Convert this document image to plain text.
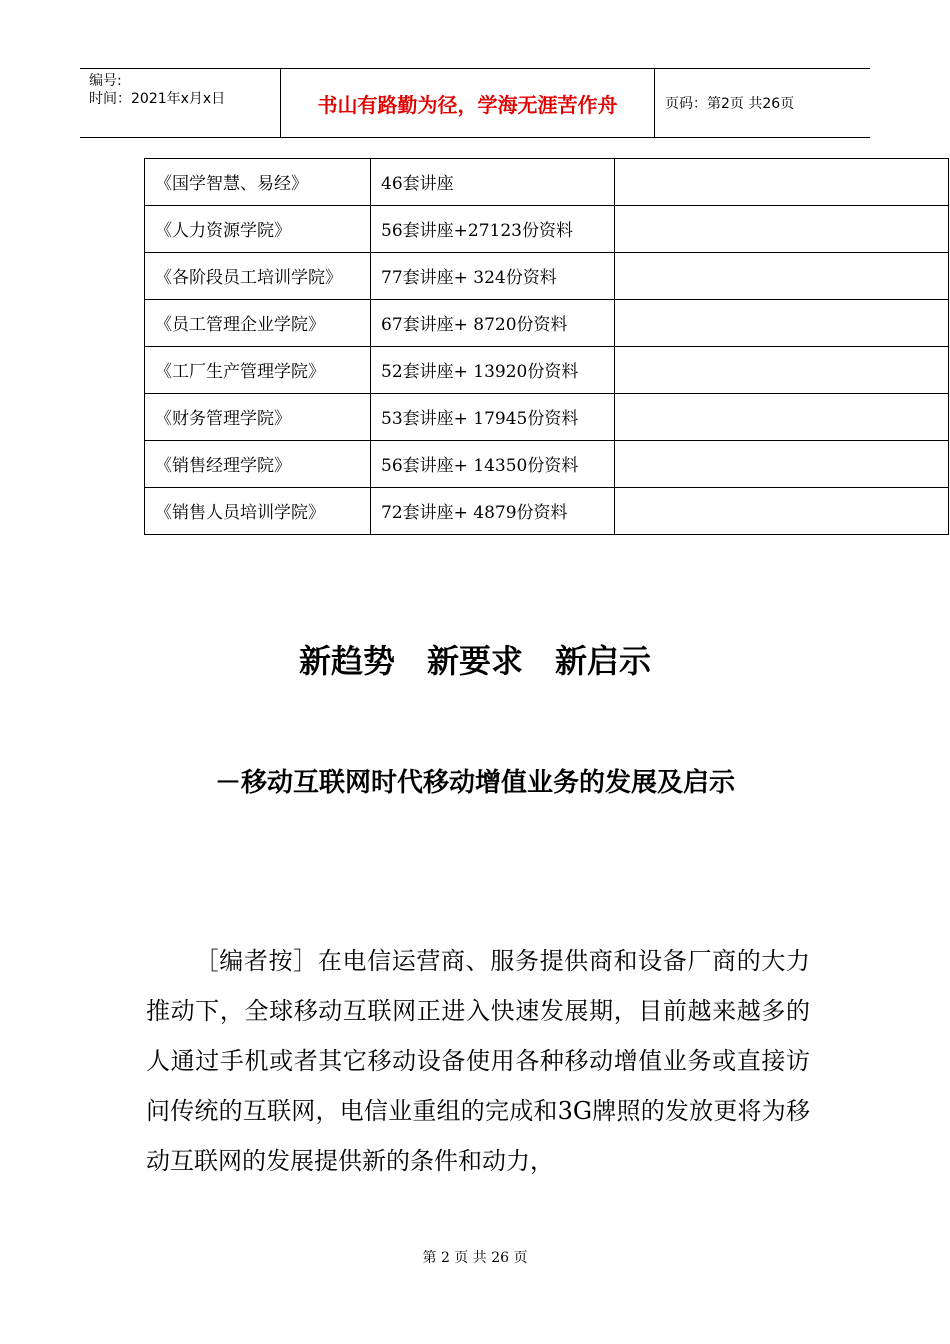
编号:
时间：2021年x月x日	书山有路勤为径，学海无涯苦作舟	页码：第2页 共26页
《国学智慧、易经》	46套讲座	
《人力资源学院》	56套讲座+27123份资料	
《各阶段员工培训学院》	77套讲座+ 324份资料	
《员工管理企业学院》	67套讲座+ 8720份资料	
《工厂生产管理学院》	52套讲座+ 13920份资料	
《财务管理学院》	53套讲座+ 17945份资料	
《销售经理学院》	56套讲座+ 14350份资料	
《销售人员培训学院》	72套讲座+ 4879份资料	
新趋势　新要求　新启示
－移动互联网时代移动增值业务的发展及启示
［编者按］在电信运营商、服务提供商和设备厂商的大力推动下，全球移动互联网正进入快速发展期，目前越来越多的人通过手机或者其它移动设备使用各种移动增值业务或直接访问传统的互联网，电信业重组的完成和3G牌照的发放更将为移动互联网的发展提供新的条件和动力，
第 2 页 共 26 页
